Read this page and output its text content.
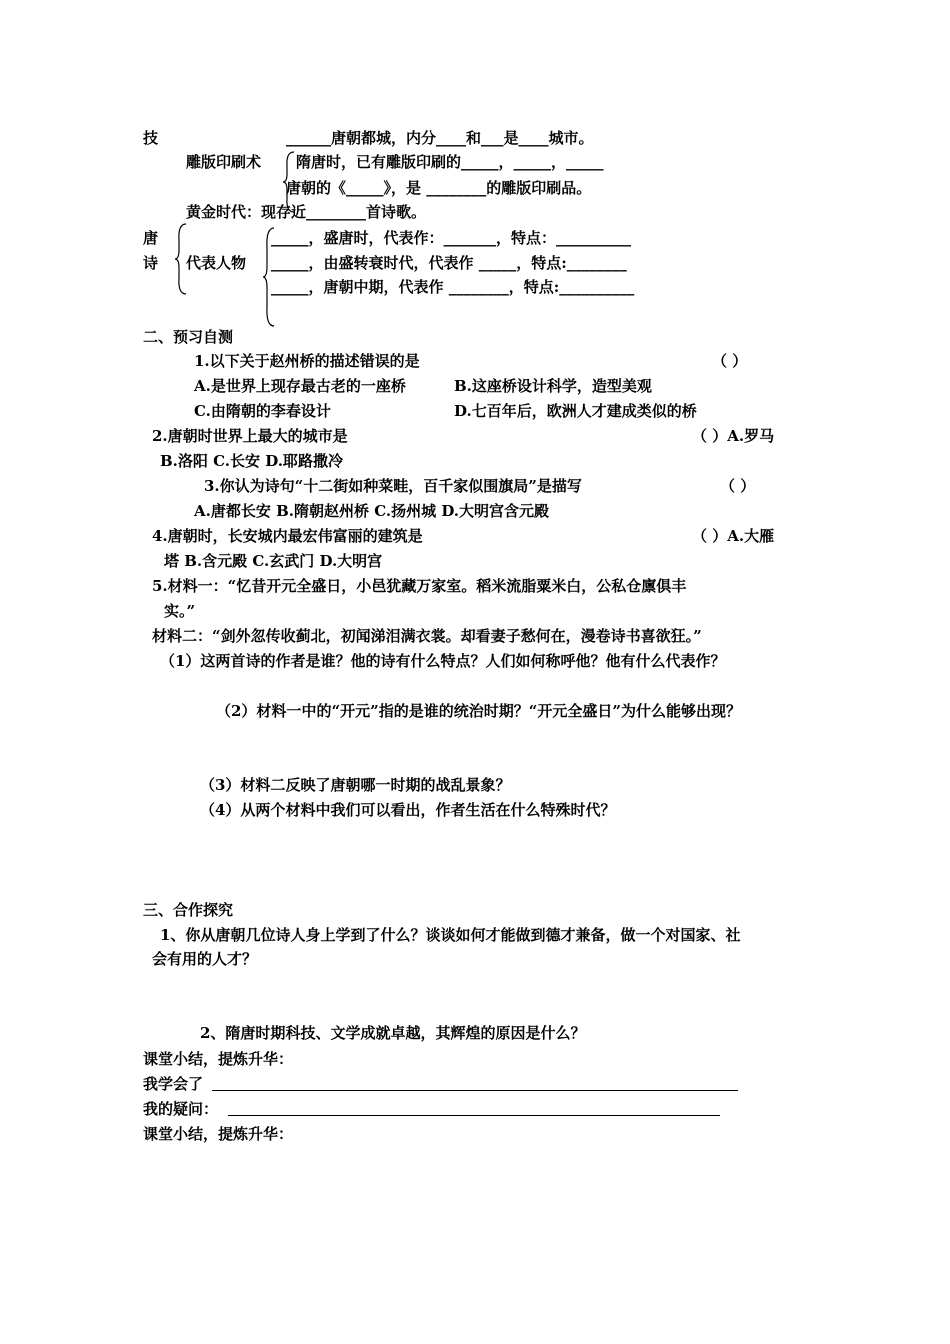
技	______唐朝都城，内分____和___是____城市。
雕版印刷术 隋唐时，已有雕版印刷的_____，_____，_____
唐朝的《_____》，是 ________的雕版印刷品。
黄金时代：现存近________首诗歌。
唐
诗 代表人物
_____，盛唐时，代表作：_______，特点：__________
_____，由盛转衰时代，代表作 _____，特点:________
_____，唐朝中期，代表作 ________，特点:__________
二、预习自测
1.以下关于赵州桥的描述错误的是	（ ）
A.是世界上现存最古老的一座桥	B.这座桥设计科学，造型美观
C.由隋朝的李春设计	D.七百年后，欧洲人才建成类似的桥
2.唐朝时世界上最大的城市是	（ ）A.罗马
B.洛阳 C.长安 D.耶路撒冷
3.你认为诗句“十二街如种菜畦，百千家似围旗局”是描写	（ ）
A.唐都长安 B.隋朝赵州桥 C.扬州城 D.大明宫含元殿
4.唐朝时，长安城内最宏伟富丽的建筑是	（ ）A.大雁
塔 B.含元殿 C.玄武门 D.大明宫
5.材料一：“忆昔开元全盛日，小邑犹藏万家室。稻米流脂粟米白，公私仓廪俱丰
实。”
材料二：“剑外忽传收蓟北，初闻涕泪满衣裳。却看妻子愁何在，漫卷诗书喜欲狂。”
（1）这两首诗的作者是谁？他的诗有什么特点？人们如何称呼他？他有什么代表作？
（2）材料一中的“开元”指的是谁的统治时期？“开元全盛日”为什么能够出现？
（3）材料二反映了唐朝哪一时期的战乱景象？
（4）从两个材料中我们可以看出，作者生活在什么特殊时代？
三、合作探究
1、你从唐朝几位诗人身上学到了什么？谈谈如何才能做到德才兼备，做一个对国家、社
会有用的人才？
2、隋唐时期科技、文学成就卓越，其辉煌的原因是什么？
课堂小结，提炼升华：
我学会了
我的疑问：
课堂小结，提炼升华：
